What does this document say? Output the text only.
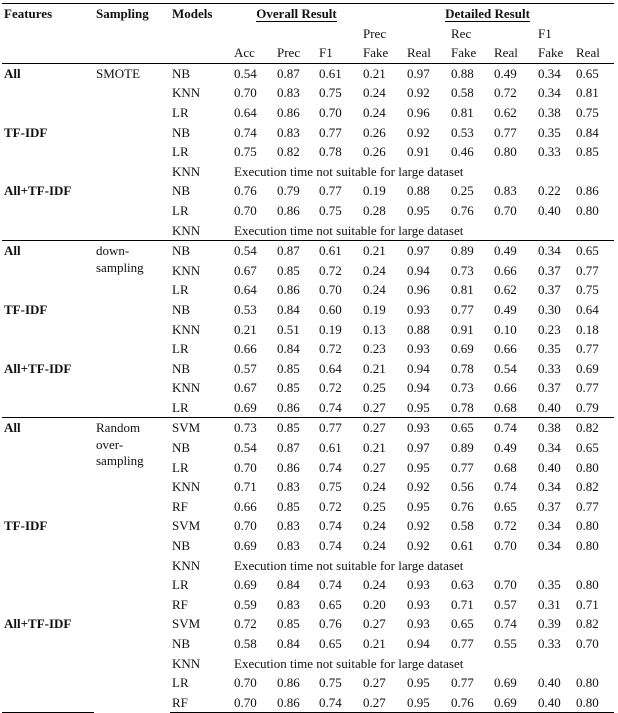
Features	Sampling	Models	Overall Result			Detailed Result					
						Prec		Rec		F1	
			Acc	Prec	F1	Fake	Real	Fake	Real	Fake	Real
All	SMOTE	NB	0.54	0.87	0.61	0.21	0.97	0.88	0.49	0.34	0.65
		KNN	0.70	0.83	0.75	0.24	0.92	0.58	0.72	0.34	0.81
		LR	0.64	0.86	0.70	0.24	0.96	0.81	0.62	0.38	0.75
TF-IDF		NB	0.74	0.83	0.77	0.26	0.92	0.53	0.77	0.35	0.84
		LR	0.75	0.82	0.78	0.26	0.91	0.46	0.80	0.33	0.85
		KNN	Execution time not suitable for large dataset								
All+TF-IDF		NB	0.76	0.79	0.77	0.19	0.88	0.25	0.83	0.22	0.86
		LR	0.70	0.86	0.75	0.28	0.95	0.76	0.70	0.40	0.80
		KNN	Execution time not suitable for large dataset								
All	down-sampling	NB	0.54	0.87	0.61	0.21	0.97	0.89	0.49	0.34	0.65
		KNN	0.67	0.85	0.72	0.24	0.94	0.73	0.66	0.37	0.77
		LR	0.64	0.86	0.70	0.24	0.96	0.81	0.62	0.37	0.75
TF-IDF		NB	0.53	0.84	0.60	0.19	0.93	0.77	0.49	0.30	0.64
		KNN	0.21	0.51	0.19	0.13	0.88	0.91	0.10	0.23	0.18
		LR	0.66	0.84	0.72	0.23	0.93	0.69	0.66	0.35	0.77
All+TF-IDF		NB	0.57	0.85	0.64	0.21	0.94	0.78	0.54	0.33	0.69
		KNN	0.67	0.85	0.72	0.25	0.94	0.73	0.66	0.37	0.77
		LR	0.69	0.86	0.74	0.27	0.95	0.78	0.68	0.40	0.79
All	Random over-sampling	SVM	0.73	0.85	0.77	0.27	0.93	0.65	0.74	0.38	0.82
		NB	0.54	0.87	0.61	0.21	0.97	0.89	0.49	0.34	0.65
		LR	0.70	0.86	0.74	0.27	0.95	0.77	0.68	0.40	0.80
		KNN	0.71	0.83	0.75	0.24	0.92	0.56	0.74	0.34	0.82
		RF	0.66	0.85	0.72	0.25	0.95	0.76	0.65	0.37	0.77
TF-IDF		SVM	0.70	0.83	0.74	0.24	0.92	0.58	0.72	0.34	0.80
		NB	0.69	0.83	0.74	0.24	0.92	0.61	0.70	0.34	0.80
		KNN	Execution time not suitable for large dataset								
		LR	0.69	0.84	0.74	0.24	0.93	0.63	0.70	0.35	0.80
		RF	0.59	0.83	0.65	0.20	0.93	0.71	0.57	0.31	0.71
All+TF-IDF		SVM	0.72	0.85	0.76	0.27	0.93	0.65	0.74	0.39	0.82
		NB	0.58	0.84	0.65	0.21	0.94	0.77	0.55	0.33	0.70
		KNN	Execution time not suitable for large dataset								
		LR	0.70	0.86	0.75	0.27	0.95	0.77	0.69	0.40	0.80
		RF	0.70	0.86	0.74	0.27	0.95	0.76	0.69	0.40	0.80
